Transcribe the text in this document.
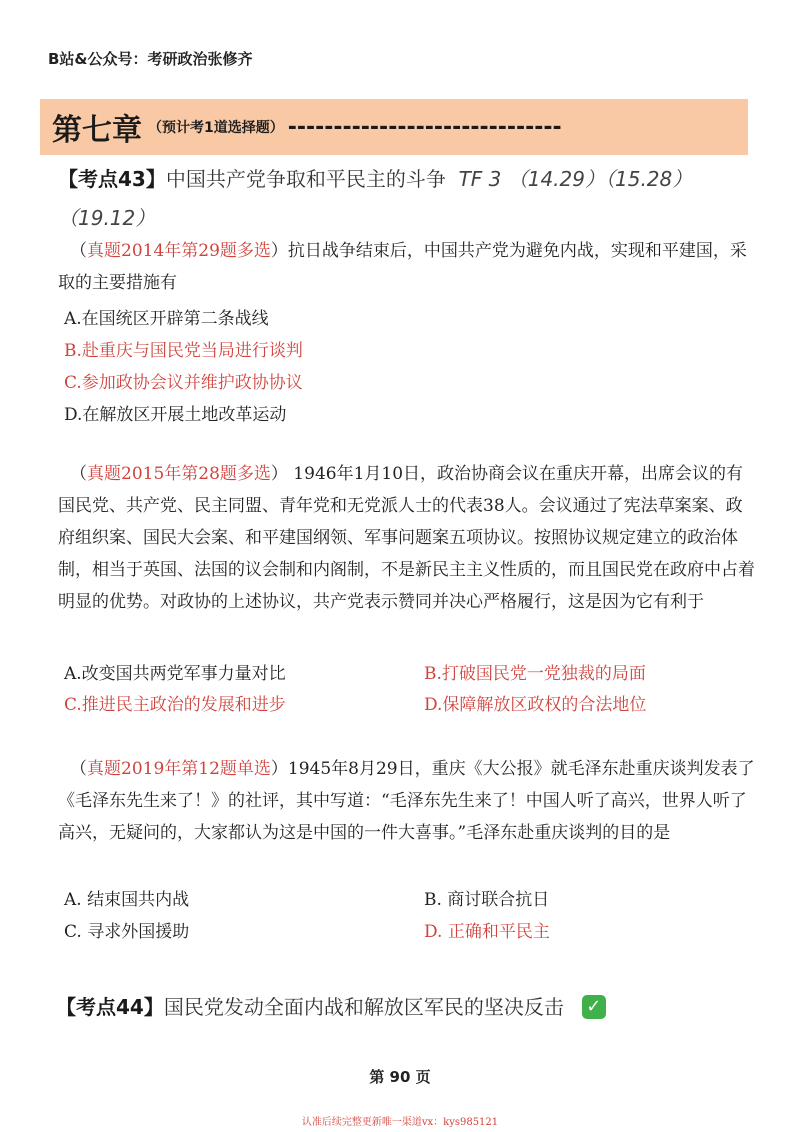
B站&公众号：考研政治张修齐
第七章 （预计考1道选择题） ------------------------------
【考点43】中国共产党争取和平民主的斗争 TF 3 （14.29）（15.28）
（19.12）
（真题2014年第29题多选）抗日战争结束后，中国共产党为避免内战，实现和平建国，采取的主要措施有
A.在国统区开辟第二条战线
B.赴重庆与国民党当局进行谈判
C.参加政协会议并维护政协协议
D.在解放区开展土地改革运动
（真题2015年第28题多选） 1946年1月10日，政治协商会议在重庆开幕，出席会议的有国民党、共产党、民主同盟、青年党和无党派人士的代表38人。会议通过了宪法草案案、政府组织案、国民大会案、和平建国纲领、军事问题案五项协议。按照协议规定建立的政治体制，相当于英国、法国的议会制和内阁制，不是新民主主义性质的，而且国民党在政府中占着明显的优势。对政协的上述协议，共产党表示赞同并决心严格履行，这是因为它有利于
A.改变国共两党军事力量对比	B.打破国民党一党独裁的局面
C.推进民主政治的发展和进步	D.保障解放区政权的合法地位
（真题2019年第12题单选）1945年8月29日，重庆《大公报》就毛泽东赴重庆谈判发表了《毛泽东先生来了！》的社评，其中写道：“毛泽东先生来了！中国人听了高兴，世界人听了高兴，无疑问的，大家都认为这是中国的一件大喜事。”毛泽东赴重庆谈判的目的是
A. 结束国共内战	B. 商讨联合抗日
C. 寻求外国援助	D. 正确和平民主
【考点44】国民党发动全面内战和解放区军民的坚决反击 ✓
第 90 页
认准后续完整更新唯一渠道vx：kys985121
